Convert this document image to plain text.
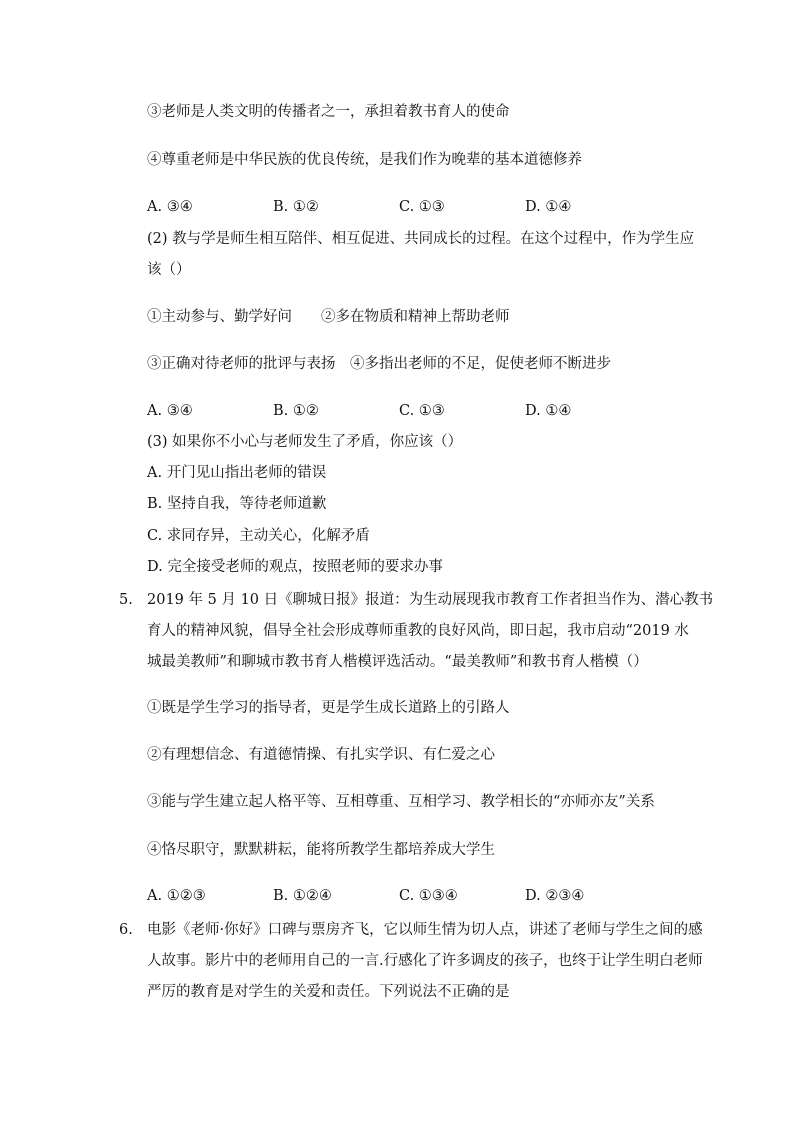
③老师是人类文明的传播者之一，承担着教书育人的使命
④尊重老师是中华民族的优良传统，是我们作为晚辈的基本道德修养
A. ③④	B. ①②	C. ①③	D. ①④
(2) 教与学是师生相互陪伴、相互促进、共同成长的过程。在这个过程中，作为学生应
该（）
①主动参与、勤学好问　　②多在物质和精神上帮助老师
③正确对待老师的批评与表扬　④多指出老师的不足，促使老师不断进步
A. ③④	B. ①②	C. ①③	D. ①④
(3) 如果你不小心与老师发生了矛盾，你应该（）
A. 开门见山指出老师的错误
B. 坚持自我，等待老师道歉
C. 求同存异，主动关心，化解矛盾
D. 完全接受老师的观点，按照老师的要求办事
5. 2019 年 5 月 10 日《聊城日报》报道：为生动展现我市教育工作者担当作为、潜心教书
育人的精神风貌，倡导全社会形成尊师重教的良好风尚，即日起，我市启动“2019 水
城最美教师”和聊城市教书育人楷模评选活动。“最美教师”和教书育人楷模（）
①既是学生学习的指导者，更是学生成长道路上的引路人
②有理想信念、有道德情操、有扎实学识、有仁爱之心
③能与学生建立起人格平等、互相尊重、互相学习、教学相长的“亦师亦友”关系
④恪尽职守，默默耕耘，能将所教学生都培养成大学生
A. ①②③	B. ①②④	C. ①③④	D. ②③④
6. 电影《老师·你好》口碑与票房齐飞，它以师生情为切人点，讲述了老师与学生之间的感
人故事。影片中的老师用自己的一言.行感化了许多调皮的孩子，也终于让学生明白老师
严厉的教育是对学生的关爱和责任。下列说法不正确的是
